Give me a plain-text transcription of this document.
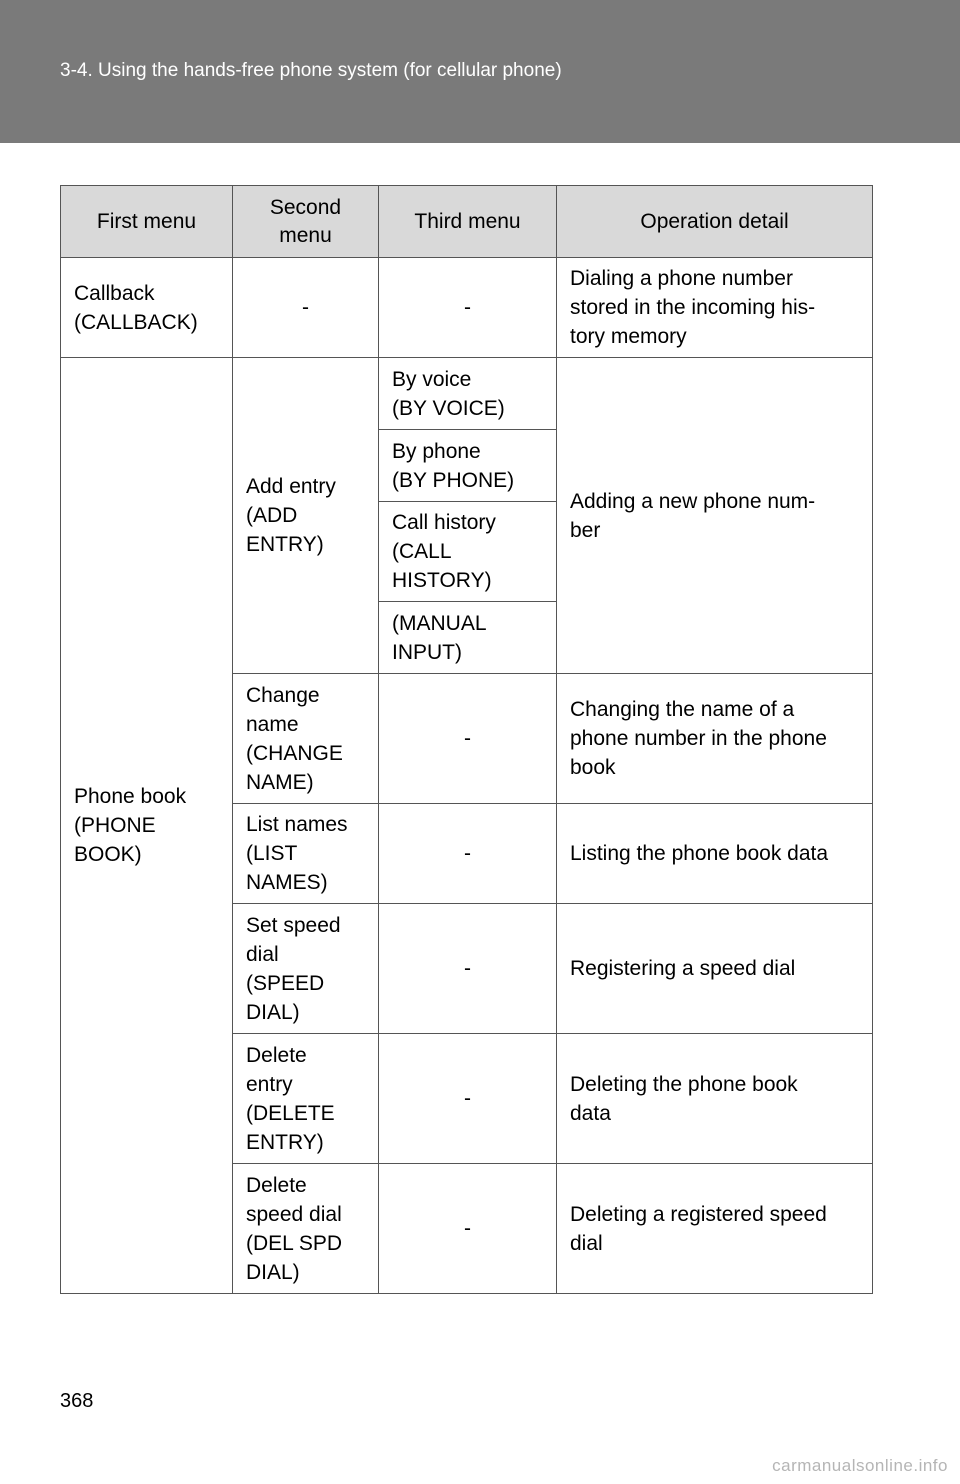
3-4. Using the hands-free phone system (for cellular phone)
First menu	Second
menu	Third menu	Operation detail

Callback
(CALLBACK)	-	-	Dialing a phone number
stored in the incoming his-
tory memory

Phone book
(PHONE
BOOK)	Add entry
(ADD
ENTRY)	By voice
(BY VOICE)	Adding a new phone num-
ber

		By phone
(BY PHONE)	

		Call history
(CALL
HISTORY)	

		(MANUAL
INPUT)	

	Change
name
(CHANGE
NAME)	-	Changing the name of a
phone number in the phone
book

	List names
(LIST
NAMES)	-	Listing the phone book data

	Set speed
dial
(SPEED
DIAL)	-	Registering a speed dial

	Delete
entry
(DELETE
ENTRY)	-	Deleting the phone book
data

	Delete
speed dial
(DEL SPD
DIAL)	-	Deleting a registered speed
dial
368
carmanualsonline.info
